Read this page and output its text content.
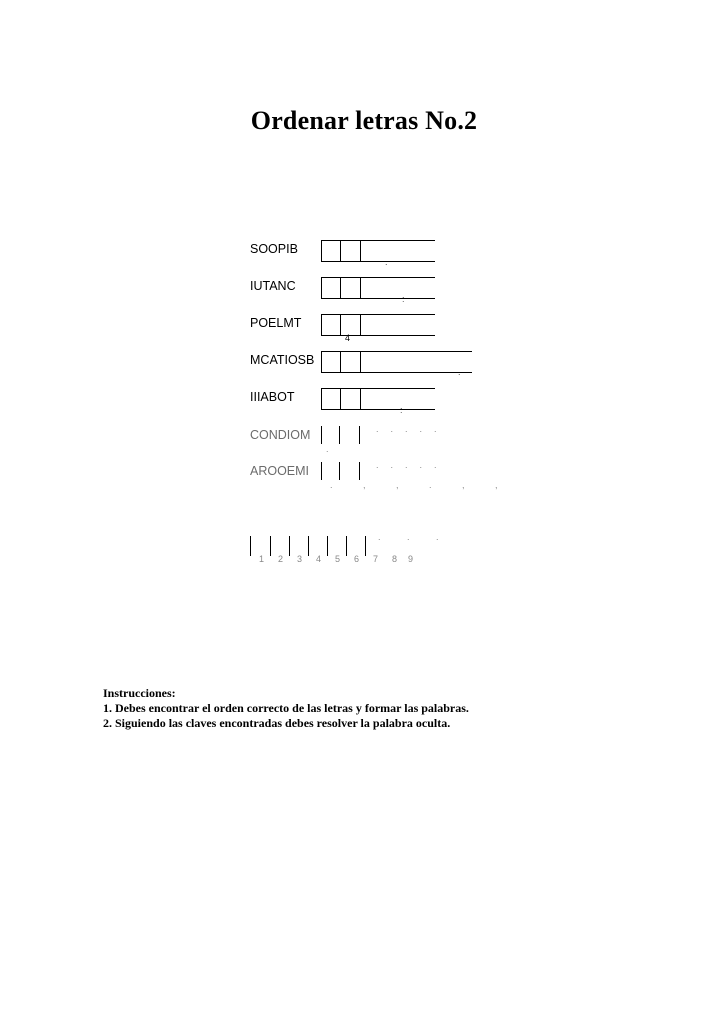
Ordenar letras No.2
SOOPIB
.
IUTANC
:
POELMT
4
MCATIOSB
.
IIIABOT
:
CONDIOM	.....
.
AROOEMI	.....
. , , . , ,
. . .
1 2 3 4 5 6 7 8 9
Instrucciones:
1. Debes encontrar el orden correcto de las letras y formar las palabras.
2. Siguiendo las claves encontradas debes resolver la palabra oculta.
4
7
2
8
9
